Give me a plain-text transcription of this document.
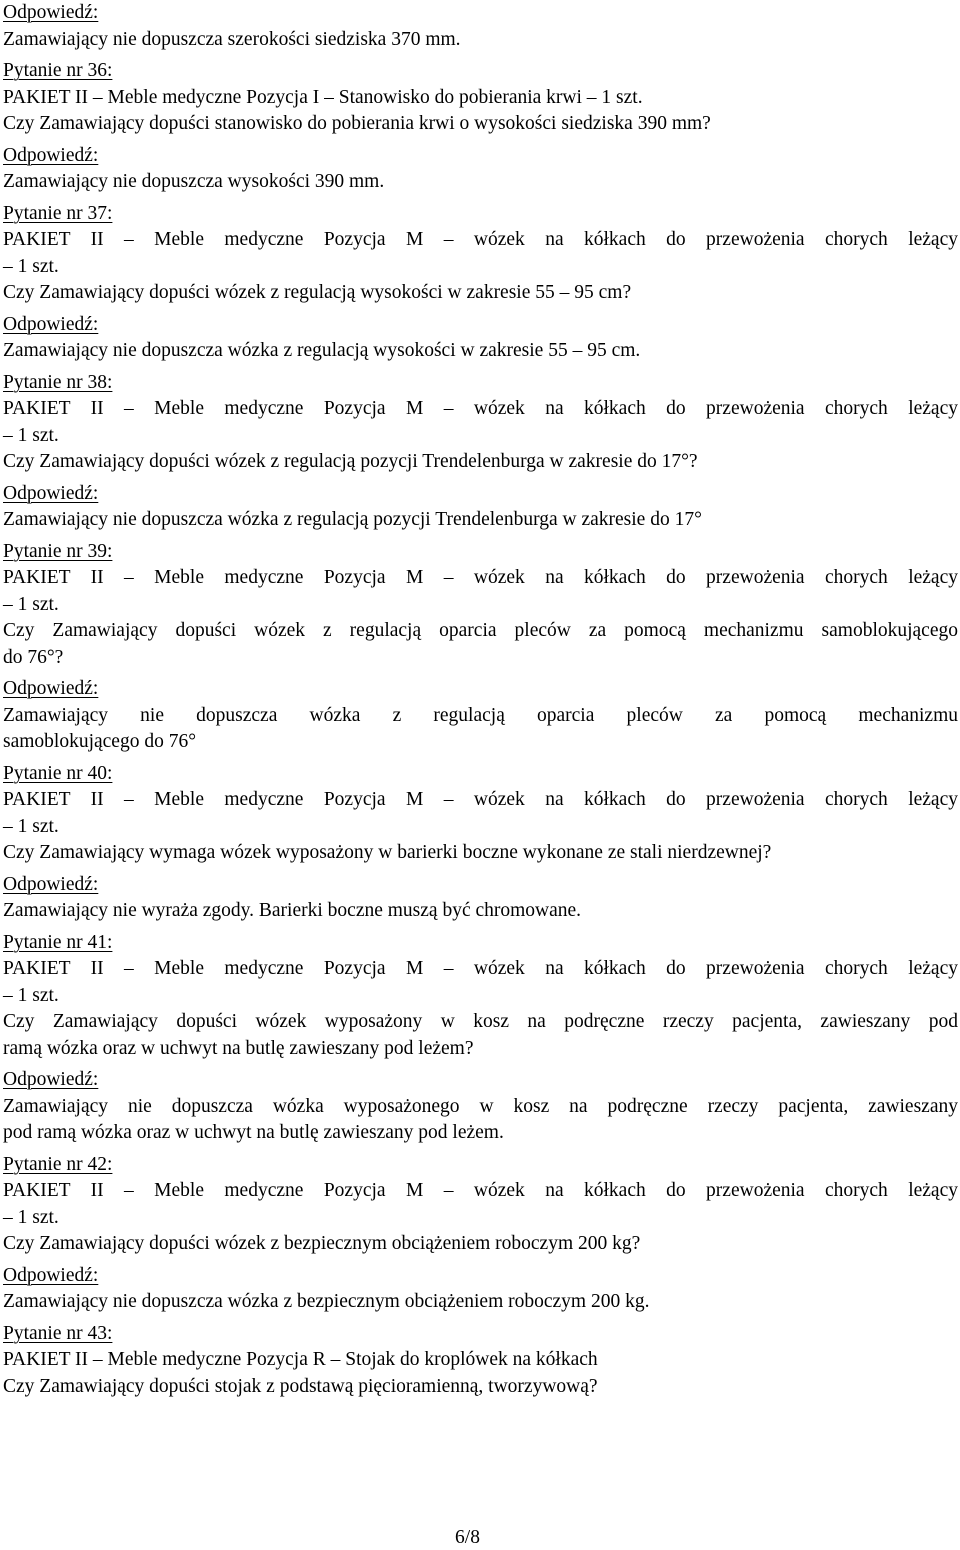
Odpowiedź:
Zamawiający nie dopuszcza szerokości siedziska 370 mm.
Pytanie nr 36:
PAKIET II – Meble medyczne Pozycja I – Stanowisko do pobierania krwi – 1 szt.
Czy Zamawiający dopuści stanowisko do pobierania krwi o wysokości siedziska 390 mm?
Odpowiedź:
Zamawiający nie dopuszcza wysokości 390 mm.
Pytanie nr 37:
PAKIET II – Meble medyczne Pozycja M – wózek na kółkach do przewożenia chorych leżący
– 1 szt.
Czy Zamawiający dopuści wózek z regulacją wysokości w zakresie 55 – 95 cm?
Odpowiedź:
Zamawiający nie dopuszcza wózka z regulacją wysokości w zakresie 55 – 95 cm.
Pytanie nr 38:
PAKIET II – Meble medyczne Pozycja M – wózek na kółkach do przewożenia chorych leżący
– 1 szt.
Czy Zamawiający dopuści wózek z regulacją pozycji Trendelenburga w zakresie do 17°?
Odpowiedź:
Zamawiający nie dopuszcza wózka z regulacją pozycji Trendelenburga w zakresie do 17°
Pytanie nr 39:
PAKIET II – Meble medyczne Pozycja M – wózek na kółkach do przewożenia chorych leżący
– 1 szt.
Czy Zamawiający dopuści wózek z regulacją oparcia pleców za pomocą mechanizmu samoblokującego
do 76°?
Odpowiedź:
Zamawiający nie dopuszcza wózka z regulacją oparcia pleców za pomocą mechanizmu
samoblokującego do 76°
Pytanie nr 40:
PAKIET II – Meble medyczne Pozycja M – wózek na kółkach do przewożenia chorych leżący
– 1 szt.
Czy Zamawiający wymaga wózek wyposażony w barierki boczne wykonane ze stali nierdzewnej?
Odpowiedź:
Zamawiający nie wyraża zgody. Barierki boczne muszą być chromowane.
Pytanie nr 41:
PAKIET II – Meble medyczne Pozycja M – wózek na kółkach do przewożenia chorych leżący
– 1 szt.
Czy Zamawiający dopuści wózek wyposażony w kosz na podręczne rzeczy pacjenta, zawieszany pod
ramą wózka oraz w uchwyt na butlę zawieszany pod leżem?
Odpowiedź:
Zamawiający nie dopuszcza wózka wyposażonego w kosz na podręczne rzeczy pacjenta, zawieszany
pod ramą wózka oraz w uchwyt na butlę zawieszany pod leżem.
Pytanie nr 42:
PAKIET II – Meble medyczne Pozycja M – wózek na kółkach do przewożenia chorych leżący
– 1 szt.
Czy Zamawiający dopuści wózek z bezpiecznym obciążeniem roboczym 200 kg?
Odpowiedź:
Zamawiający nie dopuszcza wózka z bezpiecznym obciążeniem roboczym 200 kg.
Pytanie nr 43:
PAKIET II – Meble medyczne Pozycja R – Stojak do kroplówek na kółkach
Czy Zamawiający dopuści stojak z podstawą pięcioramienną, tworzywową?
6/8
